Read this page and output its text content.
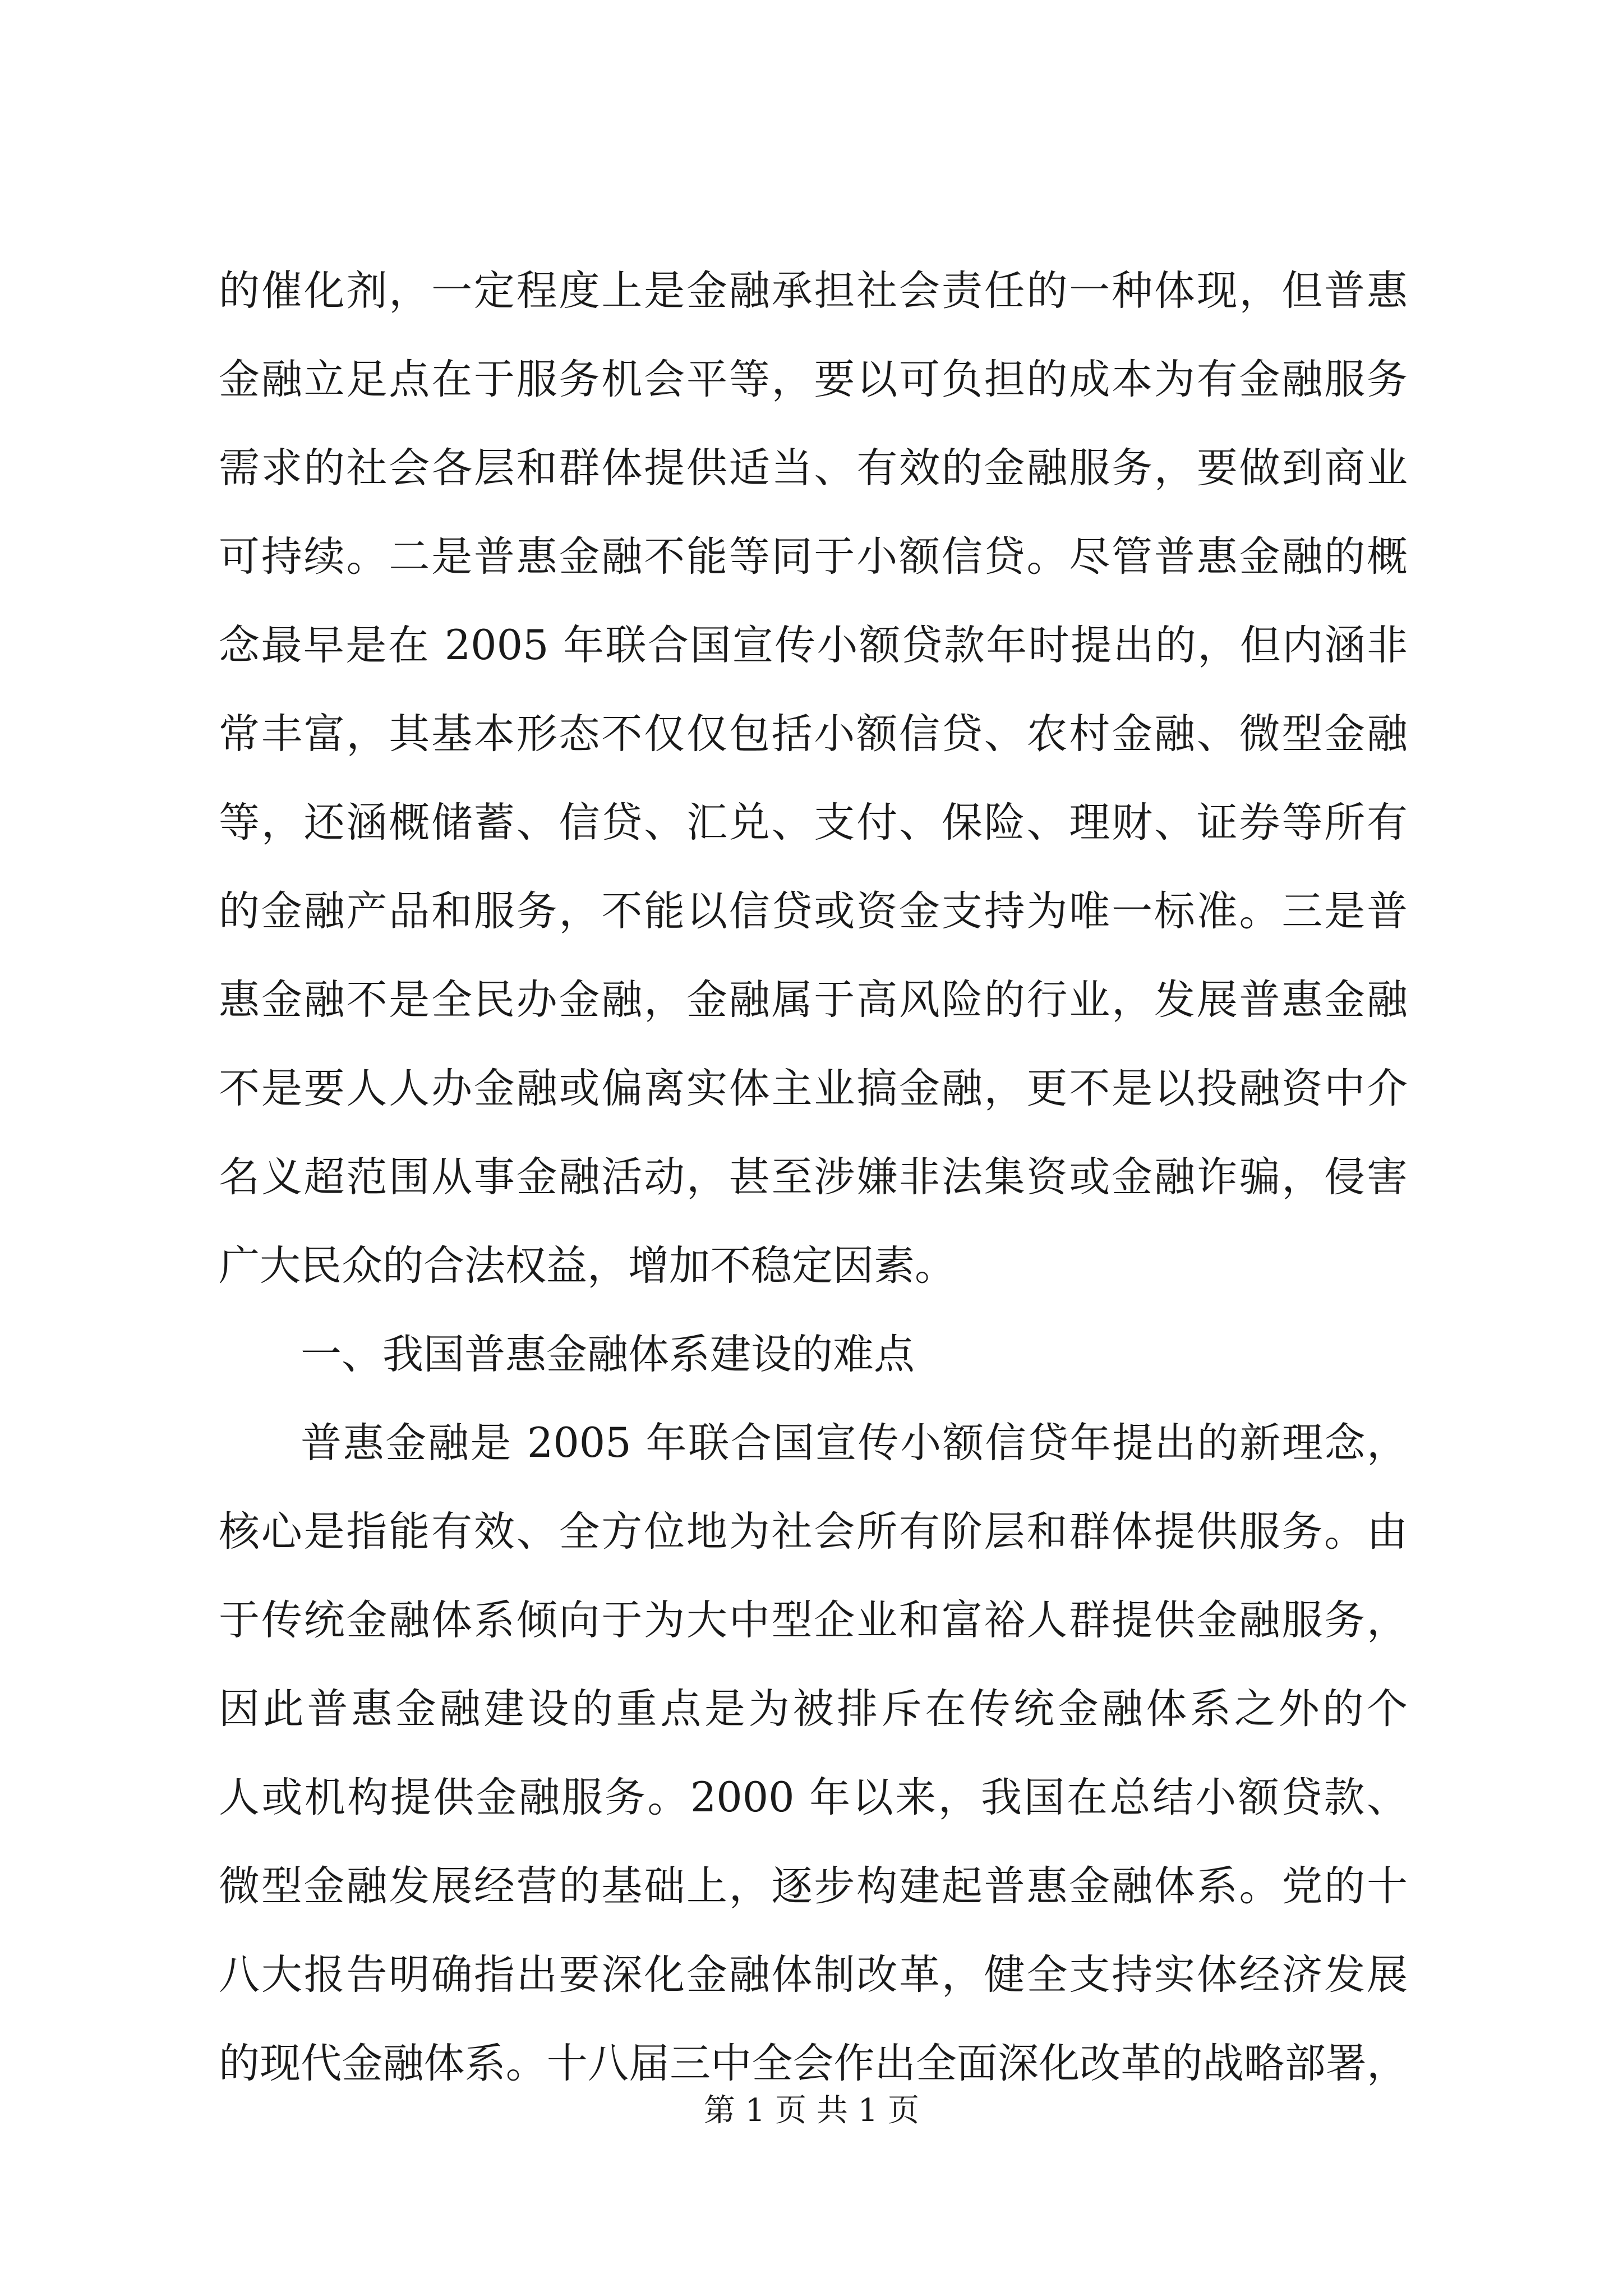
的催化剂，一定程度上是金融承担社会责任的一种体现，但普惠
金融立足点在于服务机会平等，要以可负担的成本为有金融服务
需求的社会各层和群体提供适当、有效的金融服务，要做到商业
可持续。二是普惠金融不能等同于小额信贷。尽管普惠金融的概
念最早是在 2005 年联合国宣传小额贷款年时提出的，但内涵非
常丰富，其基本形态不仅仅包括小额信贷、农村金融、微型金融
等，还涵概储蓄、信贷、汇兑、支付、保险、理财、证券等所有
的金融产品和服务，不能以信贷或资金支持为唯一标准。三是普
惠金融不是全民办金融，金融属于高风险的行业，发展普惠金融
不是要人人办金融或偏离实体主业搞金融，更不是以投融资中介
名义超范围从事金融活动，甚至涉嫌非法集资或金融诈骗，侵害
广大民众的合法权益，增加不稳定因素。
一、我国普惠金融体系建设的难点
普惠金融是 2005 年联合国宣传小额信贷年提出的新理念，
核心是指能有效、全方位地为社会所有阶层和群体提供服务。由
于传统金融体系倾向于为大中型企业和富裕人群提供金融服务，
因此普惠金融建设的重点是为被排斥在传统金融体系之外的个
人或机构提供金融服务。2000 年以来，我国在总结小额贷款、
微型金融发展经营的基础上，逐步构建起普惠金融体系。党的十
八大报告明确指出要深化金融体制改革，健全支持实体经济发展
的现代金融体系。十八届三中全会作出全面深化改革的战略部署，
第 1 页 共 1 页
